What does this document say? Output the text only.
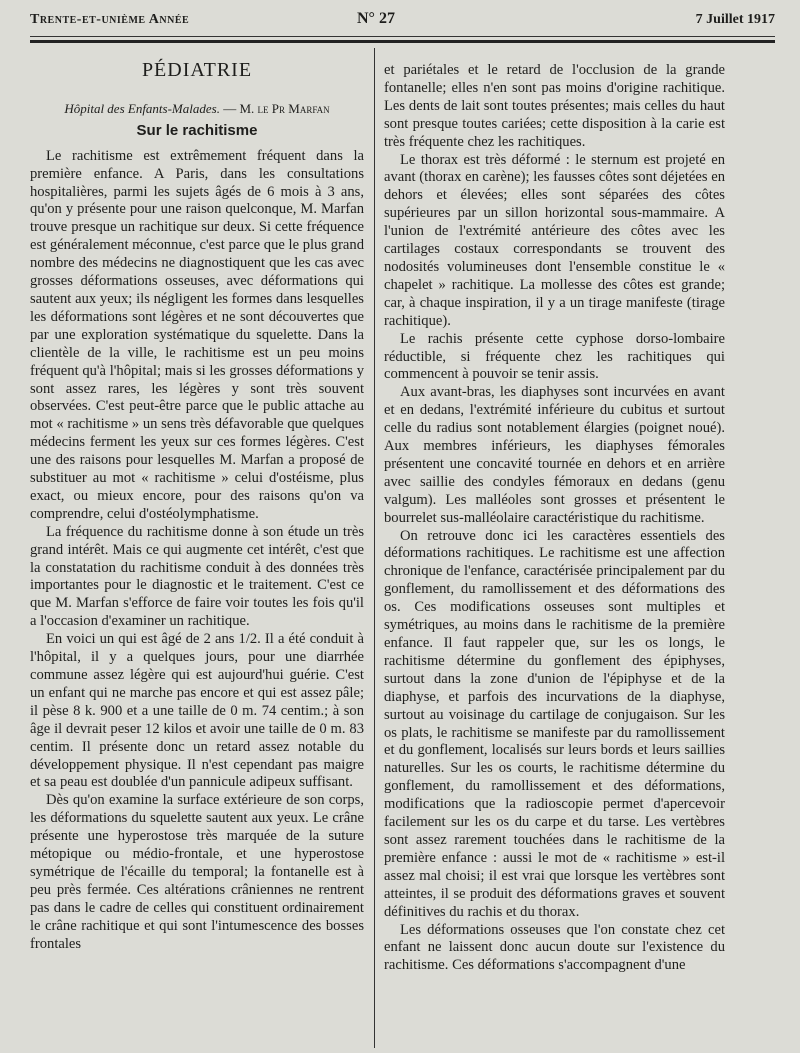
Trente-et-unième Année	N° 27	7 Juillet 1917
PÉDIATRIE
Hôpital des Enfants-Malades. — M. le Pr Marfan
Sur le rachitisme

Le rachitisme est extrêmement fréquent dans la première enfance. A Paris, dans les consultations hospitalières, parmi les sujets âgés de 6 mois à 3 ans, qu'on y présente pour une raison quelconque, M. Marfan trouve presque un rachitique sur deux. Si cette fréquence est généralement méconnue, c'est parce que le plus grand nombre des médecins ne diagnostiquent que les cas avec grosses déformations osseuses, avec déformations qui sautent aux yeux; ils négligent les formes dans lesquelles les déformations sont légères et ne sont découvertes que par une exploration systématique du squelette. Dans la clientèle de la ville, le rachitisme est un peu moins fréquent qu'à l'hôpital; mais si les grosses déformations y sont assez rares, les légères y sont très souvent observées. C'est peut-être parce que le public attache au mot « rachitisme » un sens très défavorable que quelques médecins ferment les yeux sur ces formes légères. C'est une des raisons pour lesquelles M. Marfan a proposé de substituer au mot « rachitisme » celui d'ostéisme, plus exact, ou mieux encore, pour des raisons qu'on va comprendre, celui d'ostéolymphatisme.

La fréquence du rachitisme donne à son étude un très grand intérêt. Mais ce qui augmente cet intérêt, c'est que la constatation du rachitisme conduit à des données très importantes pour le diagnostic et le traitement. C'est ce que M. Marfan s'efforce de faire voir toutes les fois qu'il a l'occasion d'examiner un rachitique.

En voici un qui est âgé de 2 ans 1/2. Il a été conduit à l'hôpital, il y a quelques jours, pour une diarrhée commune assez légère qui est aujourd'hui guérie. C'est un enfant qui ne marche pas encore et qui est assez pâle; il pèse 8 k. 900 et a une taille de 0 m. 74 centim.; à son âge il devrait peser 12 kilos et avoir une taille de 0 m. 83 centim. Il présente donc un retard assez notable du développement physique. Il n'est cependant pas maigre et sa peau est doublée d'un pannicule adipeux suffisant.

Dès qu'on examine la surface extérieure de son corps, les déformations du squelette sautent aux yeux. Le crâne présente une hyperostose très marquée de la suture métopique ou médio-frontale, et une hyperostose symétrique de l'écaille du temporal; la fontanelle est à peu près fermée. Ces altérations crâniennes ne rentrent pas dans le cadre de celles qui constituent ordinairement le crâne rachitique et qui sont l'intumescence des bosses frontales

et pariétales et le retard de l'occlusion de la grande fontanelle; elles n'en sont pas moins d'origine rachitique. Les dents de lait sont toutes présentes; mais celles du haut sont presque toutes cariées; cette disposition à la carie est très fréquente chez les rachitiques.

Le thorax est très déformé : le sternum est projeté en avant (thorax en carène); les fausses côtes sont déjetées en dehors et élevées; elles sont séparées des côtes supérieures par un sillon horizontal sous-mammaire. A l'union de l'extrémité antérieure des côtes avec les cartilages costaux correspondants se trouvent des nodosités volumineuses dont l'ensemble constitue le « chapelet » rachitique. La mollesse des côtes est grande; car, à chaque inspiration, il y a un tirage manifeste (tirage rachitique).

Le rachis présente cette cyphose dorso-lombaire réductible, si fréquente chez les rachitiques qui commencent à pouvoir se tenir assis.

Aux avant-bras, les diaphyses sont incurvées en avant et en dedans, l'extrémité inférieure du cubitus et surtout celle du radius sont notablement élargies (poignet noué). Aux membres inférieurs, les diaphyses fémorales présentent une concavité tournée en dehors et en arrière avec saillie des condyles fémoraux en dedans (genu valgum). Les malléoles sont grosses et présentent le bourrelet sus-malléolaire caractéristique du rachitisme.

On retrouve donc ici les caractères essentiels des déformations rachitiques. Le rachitisme est une affection chronique de l'enfance, caractérisée principalement par du gonflement, du ramollissement et des déformations des os. Ces modifications osseuses sont multiples et symétriques, au moins dans le rachitisme de la première enfance. Il faut rappeler que, sur les os longs, le rachitisme détermine du gonflement des épiphyses, surtout dans la zone d'union de l'épiphyse et de la diaphyse, et parfois des incurvations de la diaphyse, surtout au voisinage du cartilage de conjugaison. Sur les os plats, le rachitisme se manifeste par du ramollissement et du gonflement, localisés sur leurs bords et leurs saillies naturelles. Sur les os courts, le rachitisme détermine du gonflement, du ramollissement et des déformations, modifications que la radioscopie permet d'apercevoir facilement sur les os du carpe et du tarse. Les vertèbres sont assez rarement touchées dans le rachitisme de la première enfance : aussi le mot de « rachitisme » est-il assez mal choisi; il est vrai que lorsque les vertèbres sont atteintes, il se produit des déformations graves et souvent définitives du rachis et du thorax.

Les déformations osseuses que l'on constate chez cet enfant ne laissent donc aucun doute sur l'existence du rachitisme. Ces déformations s'accompagnent d'une
